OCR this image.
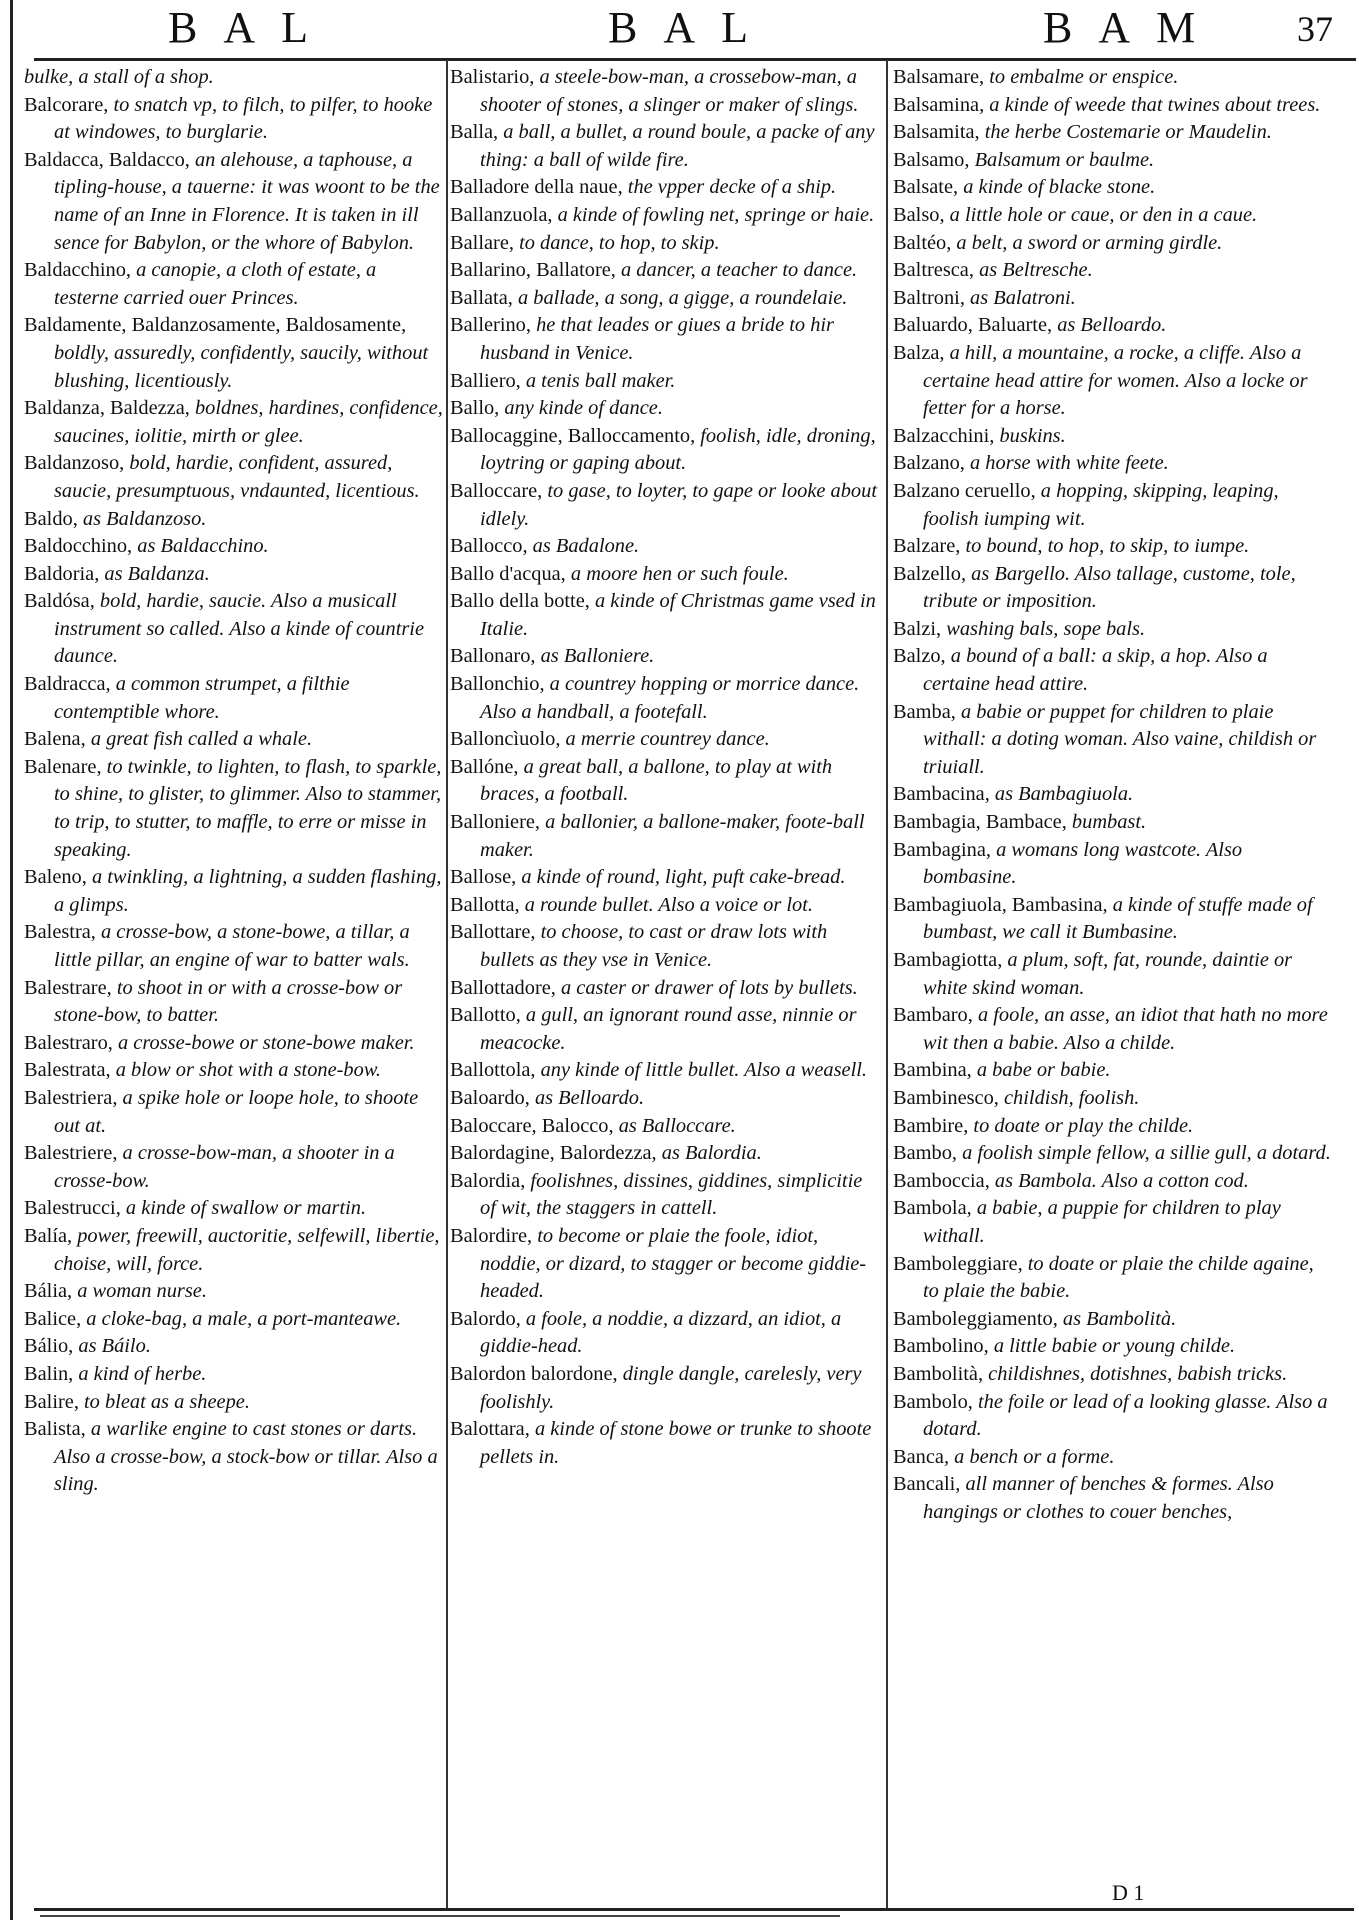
BAL	BAL	BAM 37

bulke, a stall of a shop.

Balcorare, to snatch vp, to filch, to pilfer, to hooke at windowes, to burglarie.

Baldacca, Baldacco, an alehouse, a taphouse, a tipling-house, a tauerne: it was woont to be the name of an Inne in Florence. It is taken in ill sence for Babylon, or the whore of Babylon.

Baldacchino, a canopie, a cloth of estate, a testerne carried ouer Princes.

Baldamente, Baldanzosamente, Baldosamente, boldly, assuredly, confidently, saucily, without blushing, licentiously.

Baldanza, Baldezza, boldnes, hardines, confidence, saucines, iolitie, mirth or glee.

Baldanzoso, bold, hardie, confident, assured, saucie, presumptuous, vndaunted, licentious.

Baldo, as Baldanzoso.

Baldocchino, as Baldacchino.

Baldoria, as Baldanza.

Baldósa, bold, hardie, saucie. Also a musicall instrument so called. Also a kinde of countrie daunce.

Baldracca, a common strumpet, a filthie contemptible whore.

Balena, a great fish called a whale.

Balenare, to twinkle, to lighten, to flash, to sparkle, to shine, to glister, to glimmer. Also to stammer, to trip, to stutter, to maffle, to erre or misse in speaking.

Baleno, a twinkling, a lightning, a sudden flashing, a glimps.

Balestra, a crosse-bow, a stone-bowe, a tillar, a little pillar, an engine of war to batter wals.

Balestrare, to shoot in or with a crosse-bow or stone-bow, to batter.

Balestraro, a crosse-bowe or stone-bowe maker.

Balestrata, a blow or shot with a stone-bow.

Balestriera, a spike hole or loope hole, to shoote out at.

Balestriere, a crosse-bow-man, a shooter in a crosse-bow.

Balestrucci, a kinde of swallow or martin.

Balía, power, freewill, auctoritie, selfewill, libertie, choise, will, force.

Bália, a woman nurse.

Balice, a cloke-bag, a male, a port-manteawe.

Bálio, as Báilo.

Balin, a kind of herbe.

Balire, to bleat as a sheepe.

Balista, a warlike engine to cast stones or darts. Also a crosse-bow, a stock-bow or tillar. Also a sling.

Balistario, a steele-bow-man, a crossebow-man, a shooter of stones, a slinger or maker of slings.

Balla, a ball, a bullet, a round boule, a packe of any thing: a ball of wilde fire.

Balladore della naue, the vpper decke of a ship.

Ballanzuola, a kinde of fowling net, springe or haie.

Ballare, to dance, to hop, to skip.

Ballarino, Ballatore, a dancer, a teacher to dance.

Ballata, a ballade, a song, a gigge, a roundelaie.

Ballerino, he that leades or giues a bride to hir husband in Venice.

Balliero, a tenis ball maker.

Ballo, any kinde of dance.

Ballocaggine, Balloccamento, foolish, idle, droning, loytring or gaping about.

Balloccare, to gase, to loyter, to gape or looke about idlely.

Ballocco, as Badalone.

Ballo d'acqua, a moore hen or such foule.

Ballo della botte, a kinde of Christmas game vsed in Italie.

Ballonaro, as Balloniere.

Ballonchio, a countrey hopping or morrice dance. Also a handball, a footefall.

Balloncìuolo, a merrie countrey dance.

Ballóne, a great ball, a ballone, to play at with braces, a football.

Balloniere, a ballonier, a ballone-maker, foote-ball maker.

Ballose, a kinde of round, light, puft cake-bread.

Ballotta, a rounde bullet. Also a voice or lot.

Ballottare, to choose, to cast or draw lots with bullets as they vse in Venice.

Ballottadore, a caster or drawer of lots by bullets.

Ballotto, a gull, an ignorant round asse, ninnie or meacocke.

Ballottola, any kinde of little bullet. Also a weasell.

Baloardo, as Belloardo.

Baloccare, Balocco, as Balloccare.

Balordagine, Balordezza, as Balordia.

Balordia, foolishnes, dissines, giddines, simplicitie of wit, the staggers in cattell.

Balordire, to become or plaie the foole, idiot, noddie, or dizard, to stagger or become giddie-headed.

Balordo, a foole, a noddie, a dizzard, an idiot, a giddie-head.

Balordon balordone, dingle dangle, carelesly, very foolishly.

Balottara, a kinde of stone bowe or trunke to shoote pellets in.

Balsamare, to embalme or enspice.

Balsamina, a kinde of weede that twines about trees.

Balsamita, the herbe Costemarie or Maudelin.

Balsamo, Balsamum or baulme.

Balsate, a kinde of blacke stone.

Balso, a little hole or caue, or den in a caue.

Baltéo, a belt, a sword or arming girdle.

Baltresca, as Beltresche.

Baltroni, as Balatroni.

Baluardo, Baluarte, as Belloardo.

Balza, a hill, a mountaine, a rocke, a cliffe. Also a certaine head attire for women. Also a locke or fetter for a horse.

Balzacchini, buskins.

Balzano, a horse with white feete.

Balzano ceruello, a hopping, skipping, leaping, foolish iumping wit.

Balzare, to bound, to hop, to skip, to iumpe.

Balzello, as Bargello. Also tallage, custome, tole, tribute or imposition.

Balzi, washing bals, sope bals.

Balzo, a bound of a ball: a skip, a hop. Also a certaine head attire.

Bamba, a babie or puppet for children to plaie withall: a doting woman. Also vaine, childish or triuiall.

Bambacina, as Bambagiuola.

Bambagia, Bambace, bumbast.

Bambagina, a womans long wastcote. Also bombasine.

Bambagiuola, Bambasina, a kinde of stuffe made of bumbast, we call it Bumbasine.

Bambagiotta, a plum, soft, fat, rounde, daintie or white skind woman.

Bambaro, a foole, an asse, an idiot that hath no more wit then a babie. Also a childe.

Bambina, a babe or babie.

Bambinesco, childish, foolish.

Bambire, to doate or play the childe.

Bambo, a foolish simple fellow, a sillie gull, a dotard.

Bamboccia, as Bambola. Also a cotton cod.

Bambola, a babie, a puppie for children to play withall.

Bamboleggiare, to doate or plaie the childe againe, to plaie the babie.

Bamboleggiamento, as Bambolità.

Bambolino, a little babie or young childe.

Bambolità, childishnes, dotishnes, babish tricks.

Bambolo, the foile or lead of a looking glasse. Also a dotard.

Banca, a bench or a forme.

Bancali, all manner of benches & formes. Also hangings or clothes to couer benches,

D 1
